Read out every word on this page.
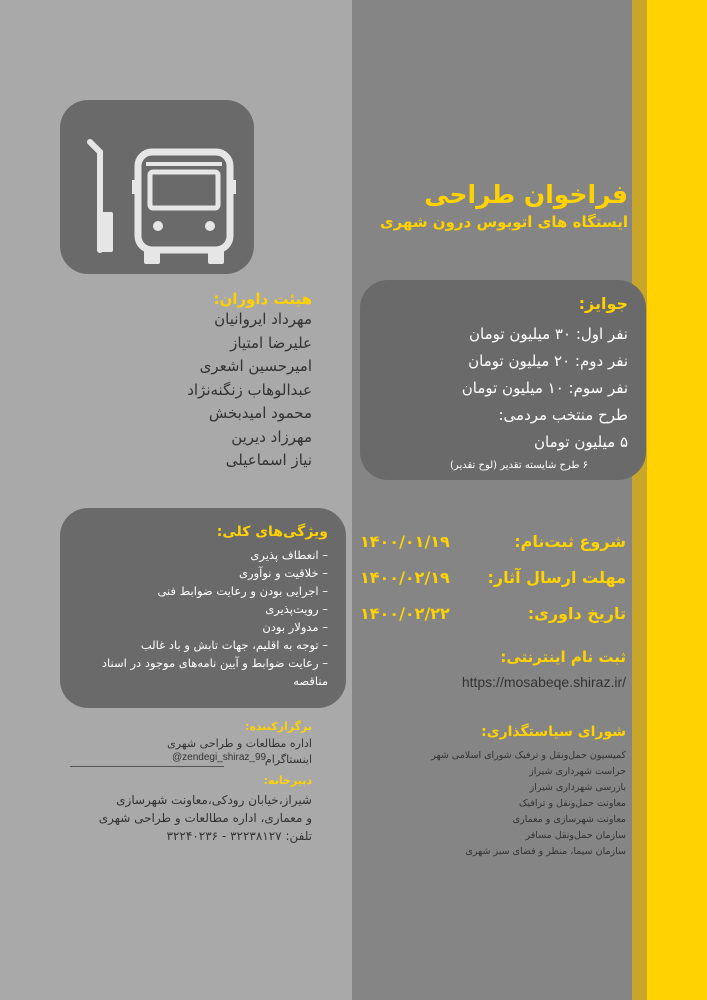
فراخوان طراحی
ایستگاه های اتوبوس درون شهری
جوایز:
نفر اول: ۳۰ میلیون تومان
نفر دوم: ۲۰ میلیون تومان
نفر سوم: ۱۰ میلیون تومان
طرح منتخب مردمی:
۵ میلیون تومان
۶ طرح شایسته تقدیر (لوح تقدیر)
هیئت داوران:
مهرداد ایروانیان
علیرضا امتیاز
امیرحسین اشعری
عبدالوهاب زنگنه‌نژاد
محمود امیدبخش
مهرزاد دیرین
نیاز اسماعیلی
شروع ثبت‌نام:
۱۴۰۰/۰۱/۱۹
مهلت ارسال آثار:
۱۴۰۰/۰۲/۱۹
تاریخ داوری:
۱۴۰۰/۰۲/۲۲
ویژگی‌های کلی:
– انعطاف پذیری
– خلاقیت و نوآوری
– اجرایی بودن و رعایت ضوابط فنی
– رویت‌پذیری
– مدولار بودن
– توجه به اقلیم، جهات تابش و باد غالب
– رعایت ضوابط و آیین نامه‌های موجود در اسناد مناقصه
ثبت نام اینترنتی:
https://mosabeqe.shiraz.ir/
شورای سیاستگذاری:
کمیسیون حمل‌ونقل و ترفیک شورای اسلامی شهر
حراست شهرداری شیراز
بازرسی شهرداری شیراز
معاونت حمل‌ونقل و ترافیک
معاونت شهرسازی و معماری
سازمان حمل‌ونقل مسافر
سازمان سیما، منظر و فضای سبز شهری
برگزارکننده:
اداره مطالعات و طراحی شهری
اینستاگرام
@zendegi_shiraz_99
دبیرخانه:
شیراز،خیابان رودکی،معاونت شهرسازی
و معماری، اداره مطالعات و طراحی شهری
تلفن: ۳۲۲۳۸۱۲۷ - ۳۲۲۴۰۲۳۶
